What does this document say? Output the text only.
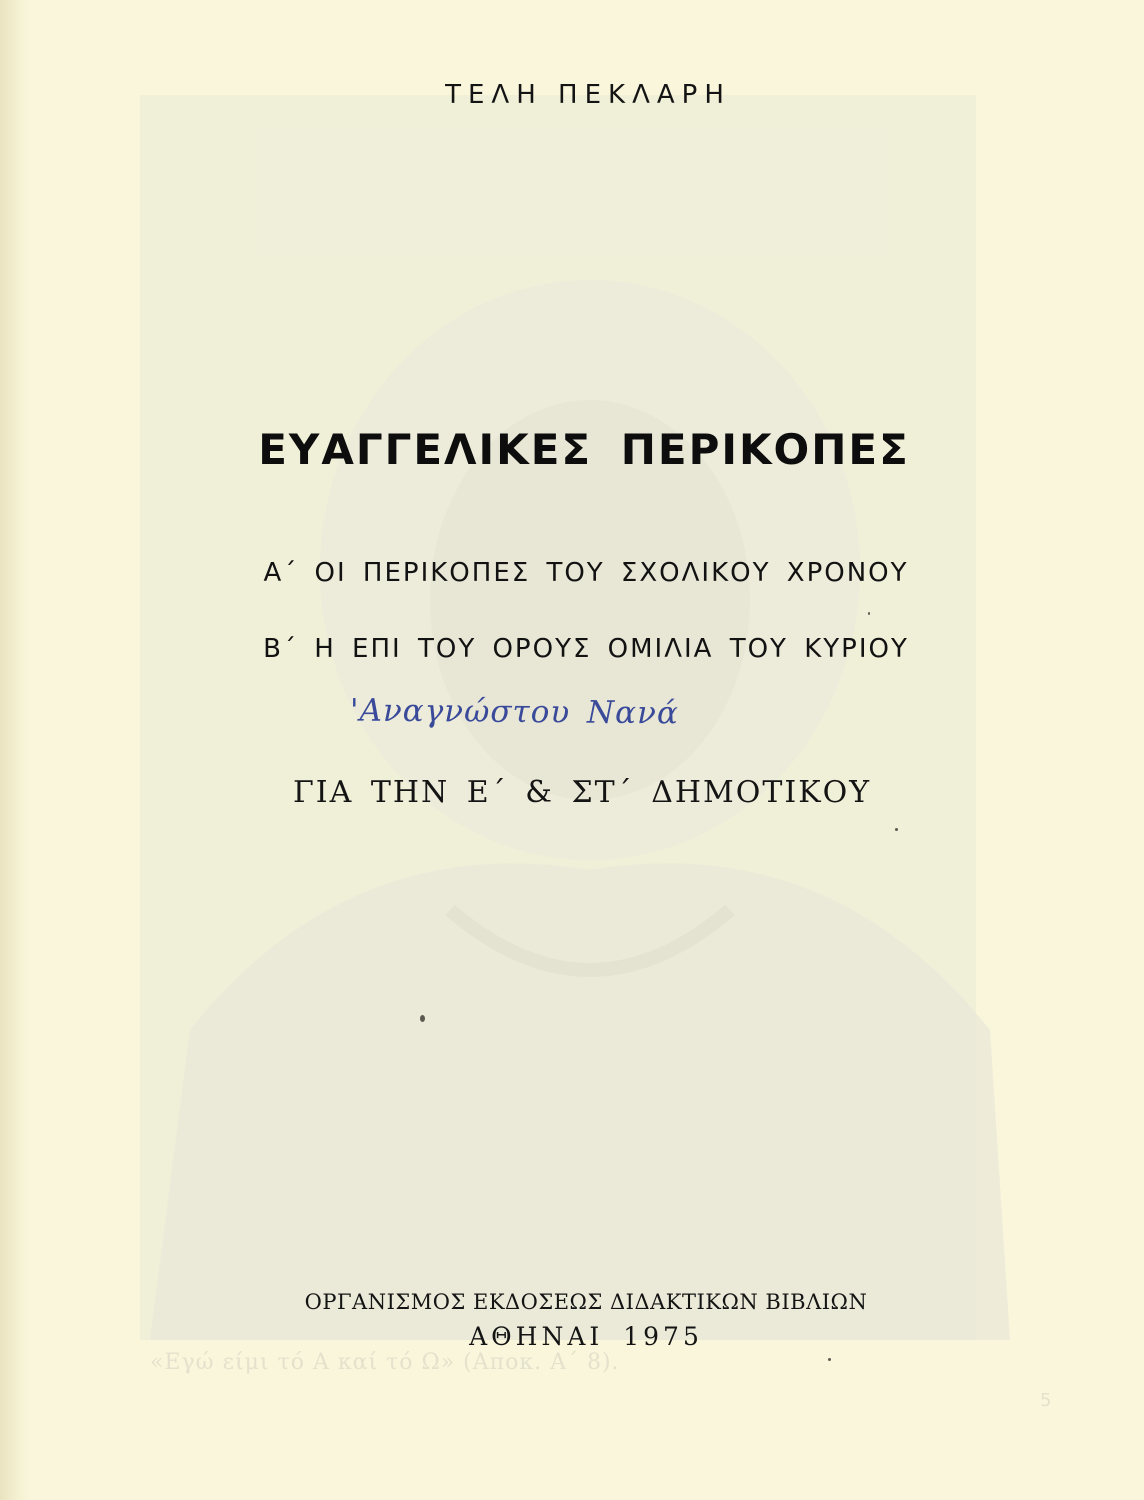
«Εγώ είμι τό Α καί τό Ω» (Αποκ. Α΄ 8).
5
ΤΕΛΗ ΠΕΚΛΑΡΗ
ΕΥΑΓΓΕΛΙΚΕΣ ΠΕΡΙΚΟΠΕΣ
Α΄ ΟΙ ΠΕΡΙΚΟΠΕΣ ΤΟΥ ΣΧΟΛΙΚΟΥ ΧΡΟΝΟΥ
Β΄ Η ΕΠΙ ΤΟΥ ΟΡΟΥΣ ΟΜΙΛΙΑ ΤΟΥ ΚΥΡΙΟΥ
'Αναγνώστου Νανά
ΓΙΑ ΤΗΝ Ε΄ & ΣΤ΄ ΔΗΜΟΤΙΚΟΥ
ΟΡΓΑΝΙΣΜΟΣ ΕΚΔΟΣΕΩΣ ΔΙΔΑΚΤΙΚΩΝ ΒΙΒΛΙΩΝ
ΑΘΗΝΑΙ 1975
